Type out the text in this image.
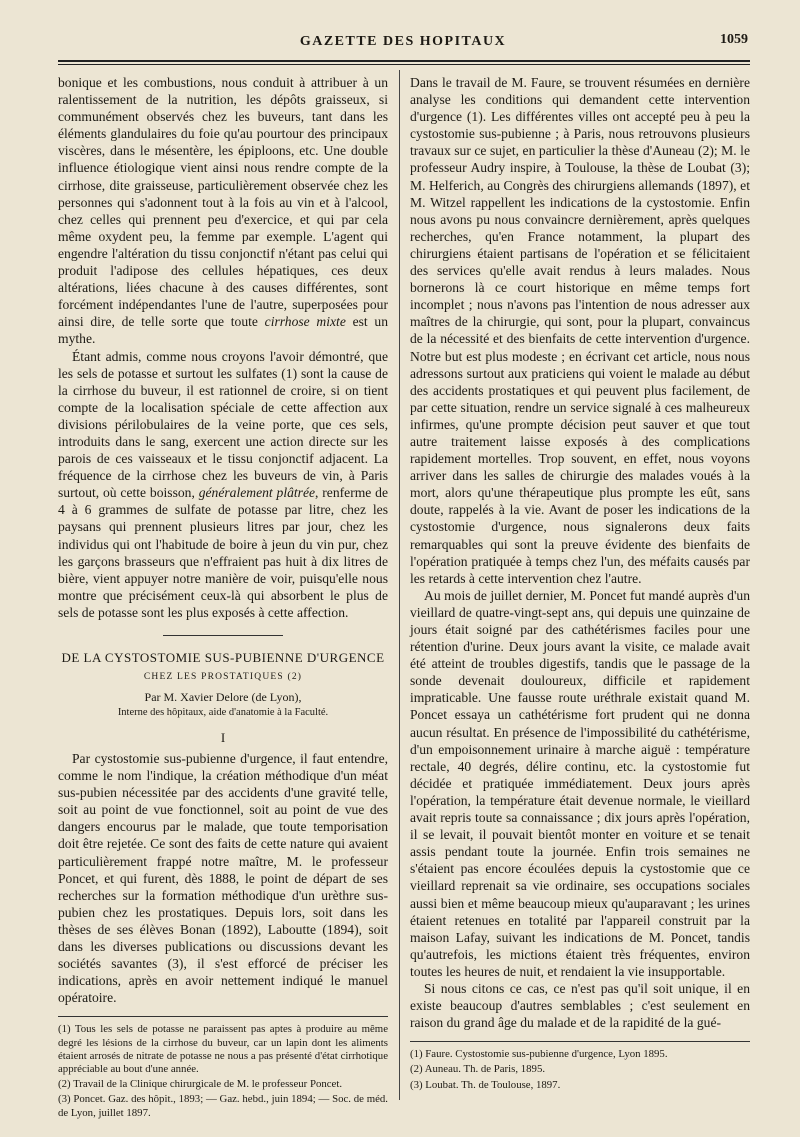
GAZETTE DES HOPITAUX	1059

bonique et les combustions, nous conduit à attribuer à un ralentissement de la nutrition, les dépôts graisseux, si communément observés chez les buveurs, tant dans les éléments glandulaires du foie qu'au pourtour des principaux viscères, dans le mésentère, les épiploons, etc. Une double influence étiologique vient ainsi nous rendre compte de la cirrhose, dite graisseuse, particulièrement observée chez les personnes qui s'adonnent tout à la fois au vin et à l'alcool, chez celles qui prennent peu d'exercice, et qui par cela même oxydent peu, la femme par exemple. L'agent qui engendre l'altération du tissu conjonctif n'étant pas celui qui produit l'adipose des cellules hépatiques, ces deux altérations, liées chacune à des causes différentes, sont forcément indépendantes l'une de l'autre, superposées pour ainsi dire, de telle sorte que toute cirrhose mixte est un mythe.

Étant admis, comme nous croyons l'avoir démontré, que les sels de potasse et surtout les sulfates (1) sont la cause de la cirrhose du buveur, il est rationnel de croire, si on tient compte de la localisation spéciale de cette affection aux divisions périlobulaires de la veine porte, que ces sels, introduits dans le sang, exercent une action directe sur les parois de ces vaisseaux et le tissu conjonctif adjacent. La fréquence de la cirrhose chez les buveurs de vin, à Paris surtout, où cette boisson, généralement plâtrée, renferme de 4 à 6 grammes de sulfate de potasse par litre, chez les paysans qui prennent plusieurs litres par jour, chez les individus qui ont l'habitude de boire à jeun du vin pur, chez les garçons brasseurs que n'effraient pas huit à dix litres de bière, vient appuyer notre manière de voir, puisqu'elle nous montre que précisément ceux-là qui absorbent le plus de sels de potasse sont les plus exposés à cette affection.

DE LA CYSTOSTOMIE SUS-PUBIENNE D'URGENCE
CHEZ LES PROSTATIQUES (2)
Par M. Xavier Delore (de Lyon),
Interne des hôpitaux, aide d'anatomie à la Faculté.
I

Par cystostomie sus-pubienne d'urgence, il faut entendre, comme le nom l'indique, la création méthodique d'un méat sus-pubien nécessitée par des accidents d'une gravité telle, soit au point de vue fonctionnel, soit au point de vue des dangers encourus par le malade, que toute temporisation doit être rejetée. Ce sont des faits de cette nature qui avaient particulièrement frappé notre maître, M. le professeur Poncet, et qui furent, dès 1888, le point de départ de ses recherches sur la formation méthodique d'un urèthre sus-pubien chez les prostatiques. Depuis lors, soit dans les thèses de ses élèves Bonan (1892), Laboutte (1894), soit dans les diverses publications ou discussions devant les sociétés savantes (3), il s'est efforcé de préciser les indications, après en avoir nettement indiqué le manuel opératoire.

(1) Tous les sels de potasse ne paraissent pas aptes à produire au même degré les lésions de la cirrhose du buveur, car un lapin dont les aliments étaient arrosés de nitrate de potasse ne nous a pas présenté d'état cirrhotique appréciable au bout d'une année.
(2) Travail de la Clinique chirurgicale de M. le professeur Poncet.
(3) Poncet. Gaz. des hôpit., 1893; — Gaz. hebd., juin 1894; — Soc. de méd. de Lyon, juillet 1897.

Dans le travail de M. Faure, se trouvent résumées en dernière analyse les conditions qui demandent cette intervention d'urgence (1). Les différentes villes ont accepté peu à peu la cystostomie sus-pubienne ; à Paris, nous retrouvons plusieurs travaux sur ce sujet, en particulier la thèse d'Auneau (2); M. le professeur Audry inspire, à Toulouse, la thèse de Loubat (3); M. Helferich, au Congrès des chirurgiens allemands (1897), et M. Witzel rappellent les indications de la cystostomie. Enfin nous avons pu nous convaincre dernièrement, après quelques recherches, qu'en France notamment, la plupart des chirurgiens étaient partisans de l'opération et se félicitaient des services qu'elle avait rendus à leurs malades. Nous bornerons là ce court historique en même temps fort incomplet ; nous n'avons pas l'intention de nous adresser aux maîtres de la chirurgie, qui sont, pour la plupart, convaincus de la nécessité et des bienfaits de cette intervention d'urgence. Notre but est plus modeste ; en écrivant cet article, nous nous adressons surtout aux praticiens qui voient le malade au début des accidents prostatiques et qui peuvent plus facilement, de par cette situation, rendre un service signalé à ces malheureux infirmes, qu'une prompte décision peut sauver et que tout autre traitement laisse exposés à des complications rapidement mortelles. Trop souvent, en effet, nous voyons arriver dans les salles de chirurgie des malades voués à la mort, alors qu'une thérapeutique plus prompte les eût, sans doute, rappelés à la vie. Avant de poser les indications de la cystostomie d'urgence, nous signalerons deux faits remarquables qui sont la preuve évidente des bienfaits de l'opération pratiquée à temps chez l'un, des méfaits causés par les retards à cette intervention chez l'autre.

Au mois de juillet dernier, M. Poncet fut mandé auprès d'un vieillard de quatre-vingt-sept ans, qui depuis une quinzaine de jours était soigné par des cathétérismes faciles pour une rétention d'urine. Deux jours avant la visite, ce malade avait été atteint de troubles digestifs, tandis que le passage de la sonde devenait douloureux, difficile et rapidement impraticable. Une fausse route uréthrale existait quand M. Poncet essaya un cathétérisme fort prudent qui ne donna aucun résultat. En présence de l'impossibilité du cathétérisme, d'un empoisonnement urinaire à marche aiguë : température rectale, 40 degrés, délire continu, etc. la cystostomie fut décidée et pratiquée immédiatement. Deux jours après l'opération, la température était devenue normale, le vieillard avait repris toute sa connaissance ; dix jours après l'opération, il se levait, il pouvait bientôt monter en voiture et se tenait assis pendant toute la journée. Enfin trois semaines ne s'étaient pas encore écoulées depuis la cystostomie que ce vieillard reprenait sa vie ordinaire, ses occupations sociales aussi bien et même beaucoup mieux qu'auparavant ; les urines étaient retenues en totalité par l'appareil construit par la maison Lafay, suivant les indications de M. Poncet, tandis qu'autrefois, les mictions étaient très fréquentes, environ toutes les heures de nuit, et rendaient la vie insupportable.

Si nous citons ce cas, ce n'est pas qu'il soit unique, il en existe beaucoup d'autres semblables ; c'est seulement en raison du grand âge du malade et de la rapidité de la gué-

(1) Faure. Cystostomie sus-pubienne d'urgence, Lyon 1895.
(2) Auneau. Th. de Paris, 1895.
(3) Loubat. Th. de Toulouse, 1897.
